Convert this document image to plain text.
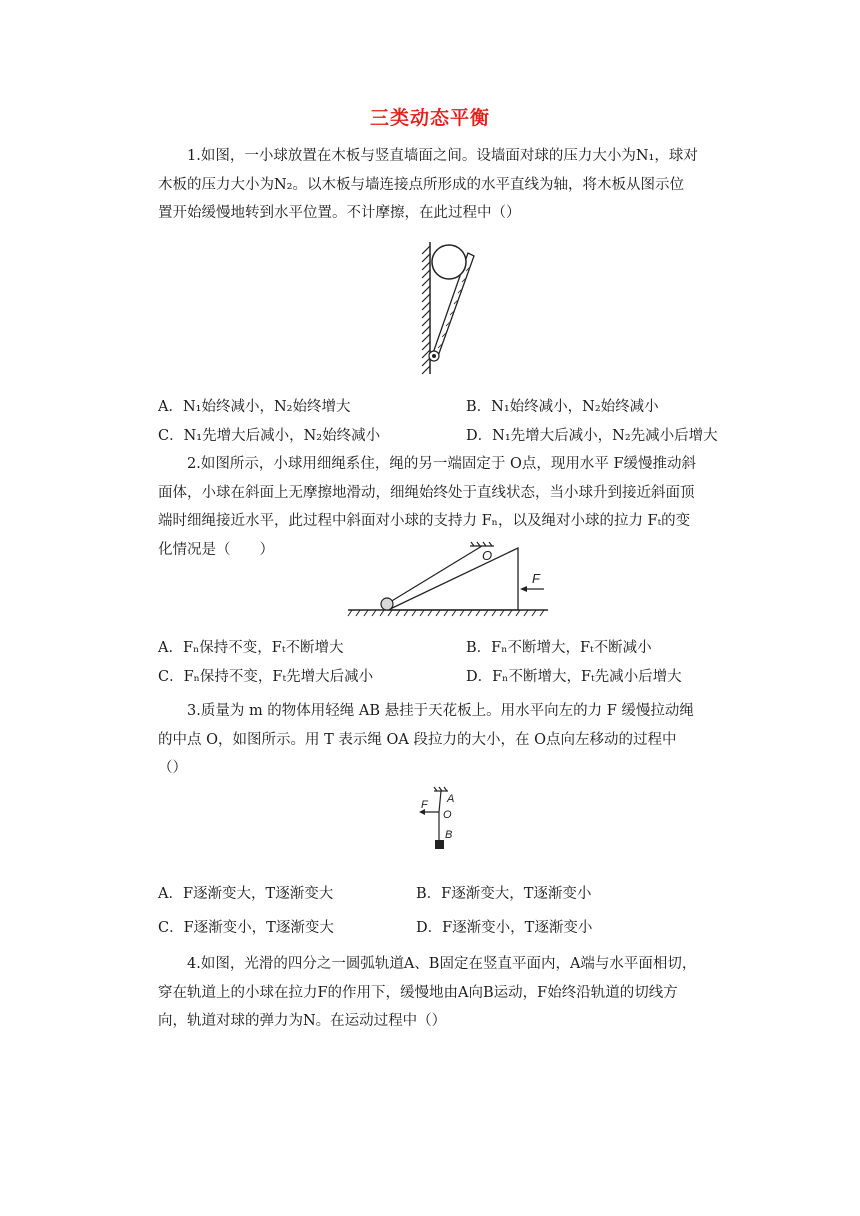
三类动态平衡
1.如图，一小球放置在木板与竖直墙面之间。设墙面对球的压力大小为N₁，球对木板的压力大小为N₂。以木板与墙连接点所形成的水平直线为轴，将木板从图示位置开始缓慢地转到水平位置。不计摩擦，在此过程中（）
A．N₁始终减小，N₂始终增大	B．N₁始终减小，N₂始终减小
C．N₁先增大后减小，N₂始终减小	D．N₁先增大后减小，N₂先减小后增大
2.如图所示，小球用细绳系住，绳的另一端固定于 O点，现用水平 F缓慢推动斜面体，小球在斜面上无摩擦地滑动，细绳始终处于直线状态，当小球升到接近斜面顶端时细绳接近水平，此过程中斜面对小球的支持力 Fₙ，以及绳对小球的拉力 Fₜ的变化情况是（　　）	O
F
A．Fₙ保持不变，Fₜ不断增大	B．Fₙ不断增大，Fₜ不断减小
C．Fₙ保持不变，Fₜ先增大后减小	D．Fₙ不断增大，Fₜ先减小后增大
3.质量为 m 的物体用轻绳 AB 悬挂于天花板上。用水平向左的力 F 缓慢拉动绳的中点 O，如图所示。用 T 表示绳 OA 段拉力的大小，在 O点向左移动的过程中（）
F A
O
B
A．F逐渐变大，T逐渐变大	B．F逐渐变大，T逐渐变小
C．F逐渐变小，T逐渐变大	D．F逐渐变小，T逐渐变小
4.如图，光滑的四分之一圆弧轨道A、B固定在竖直平面内，A端与水平面相切，穿在轨道上的小球在拉力F的作用下，缓慢地由A向B运动，F始终沿轨道的切线方向，轨道对球的弹力为N。在运动过程中（）
